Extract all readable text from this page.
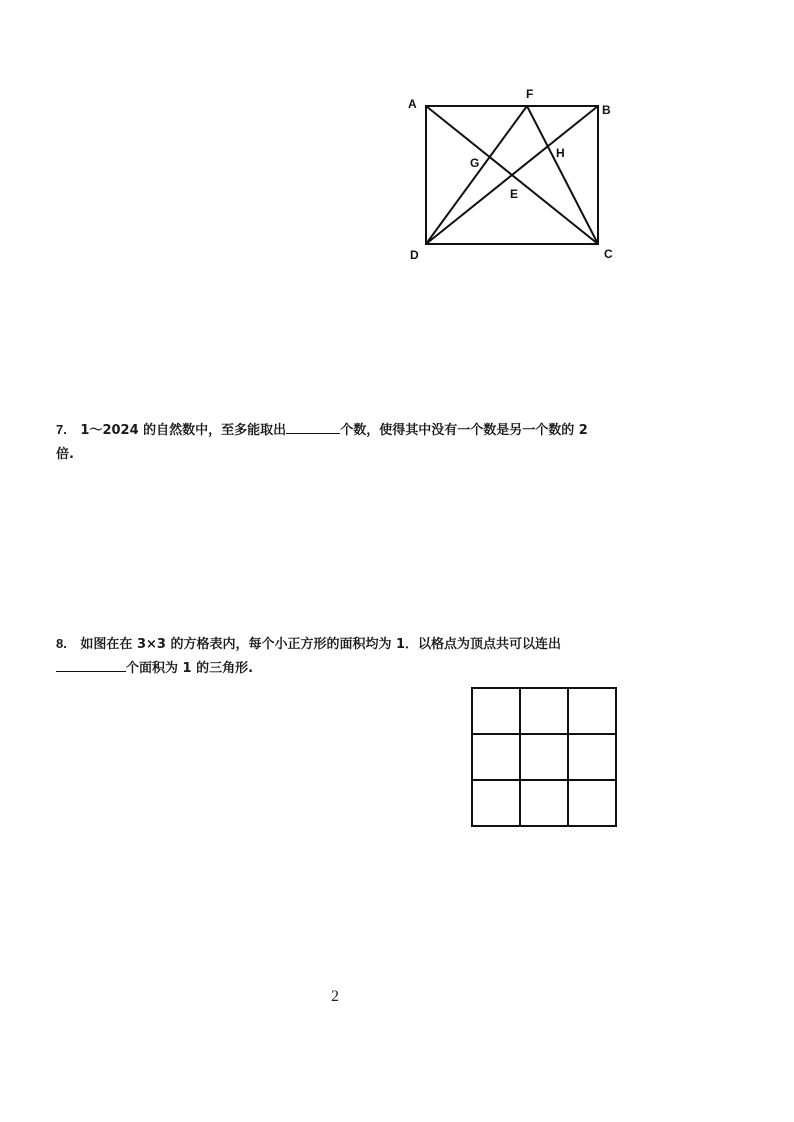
A
F
B
G
H
E
D	C
7. 1～2024 的自然数中，至多能取出	个数，使得其中没有一个数是另一个数的 2
倍.
8. 如图在在 3×3 的方格表内，每个小正方形的面积均为 1．以格点为顶点共可以连出
个面积为 1 的三角形.
2
